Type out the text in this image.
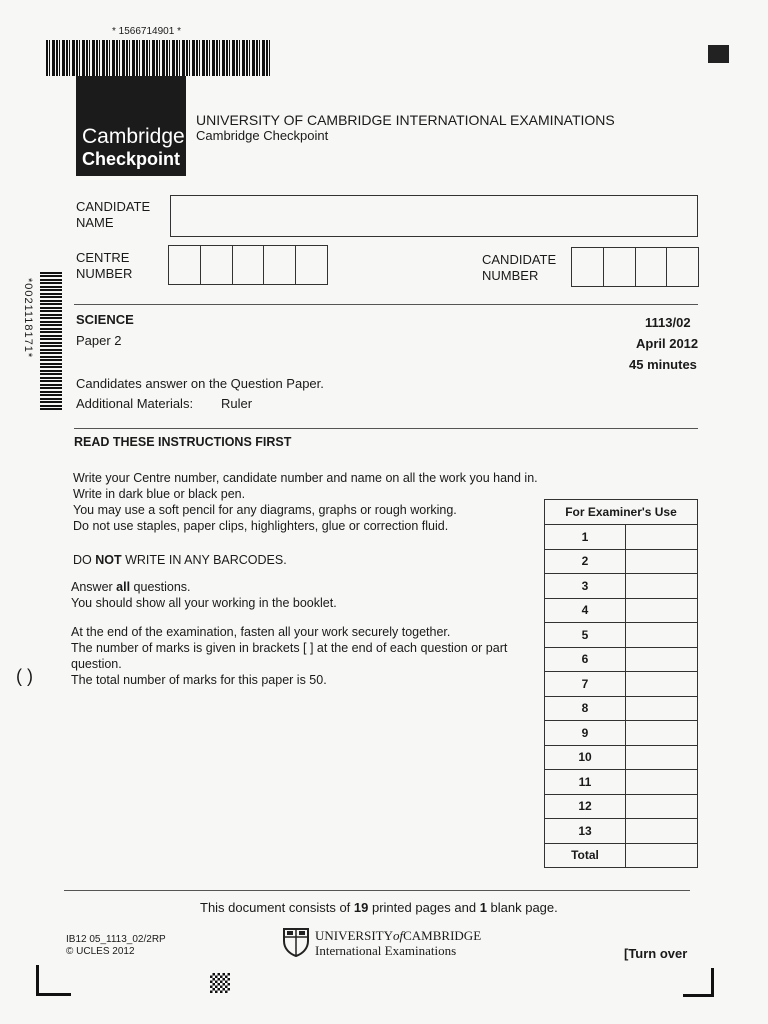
* 1566714901 *
Cambridge
Checkpoint
UNIVERSITY OF CAMBRIDGE INTERNATIONAL EXAMINATIONS
Cambridge Checkpoint
CANDIDATE
NAME
CENTRE
NUMBER
CANDIDATE
NUMBER
*0021118171*	SCIENCE	1113/02
Paper 2	April 2012
45 minutes
Candidates answer on the Question Paper.
Additional Materials: Ruler
READ THESE INSTRUCTIONS FIRST
Write your Centre number, candidate number and name on all the work you hand in.
Write in dark blue or black pen.
You may use a soft pencil for any diagrams, graphs or rough working.
Do not use staples, paper clips, highlighters, glue or correction fluid.
DO NOT WRITE IN ANY BARCODES.
Answer all questions.
You should show all your working in the booklet.
At the end of the examination, fasten all your work securely together.
The number of marks is given in brackets [ ] at the end of each question or part
question.
The total number of marks for this paper is 50.
( )
For Examiner's Use	
1	
2	
3	
4	
5	
6	
7	
8	
9	
10	
11	
12	
13	
Total	
This document consists of 19 printed pages and 1 blank page.
IB12 05_1113_02/2RP
© UCLES 2012
UNIVERSITYofCAMBRIDGE
International Examinations	[Turn over
